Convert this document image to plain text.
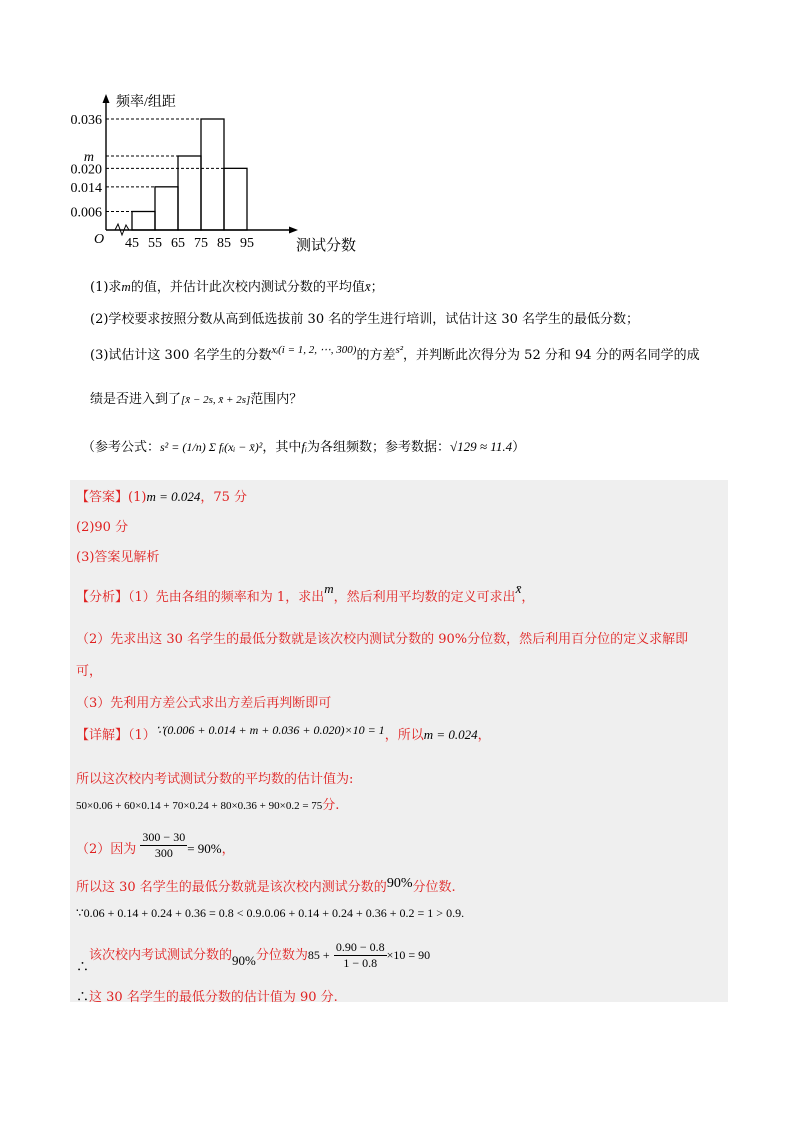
0.006
0.014
0.020
m
0.036
45 55 65 75 85 95
频率/组距
测试分数
O
(1)求m的值，并估计此次校内测试分数的平均值x̄；
(2)学校要求按照分数从高到低选拔前 30 名的学生进行培训，试估计这 30 名学生的最低分数；
(3)试估计这 300 名学生的分数$^{xᵢ(i = 1, 2, \cdots, 300)}$的方差$^{s^2}$，并判断此次得分为 52 分和 94 分的两名同学的成
绩是否进入到了[x̄ − 2s, x̄ + 2s]范围内？
（参考公式：s² = (1/n) Σ fᵢ(xᵢ − x̄)²，其中fᵢ为各组频数；参考数据：√129 ≈ 11.4）
【答案】(1)m = 0.024，75 分
(2)90 分
(3)答案见解析
【分析】（1）先由各组的频率和为 1，求出m，然后利用平均数的定义可求出x̄，
（2）先求出这 30 名学生的最低分数就是该次校内测试分数的 90%分位数，然后利用百分位的定义求解即
可，
（3）先利用方差公式求出方差后再判断即可
【详解】（1）∵(0.006 + 0.014 + m + 0.036 + 0.020)×10 = 1，所以m = 0.024，
所以这次校内考试测试分数的平均数的估计值为:
50×0.06 + 60×0.14 + 70×0.24 + 80×0.36 + 90×0.2 = 75分.
（2）因为 $\frac{300 - 30}{300} = 90\%$，
所以这 30 名学生的最低分数就是该次校内测试分数的90%分位数.
∵0.06 + 0.14 + 0.24 + 0.36 = 0.8 < 0.9.0.06 + 0.14 + 0.24 + 0.36 + 0.2 = 1 > 0.9.
∴该次校内考试测试分数的90%分位数为$85 + \frac{0.90 - 0.8}{1 - 0.8} \times 10 = 90$
∴这 30 名学生的最低分数的估计值为 90 分.
